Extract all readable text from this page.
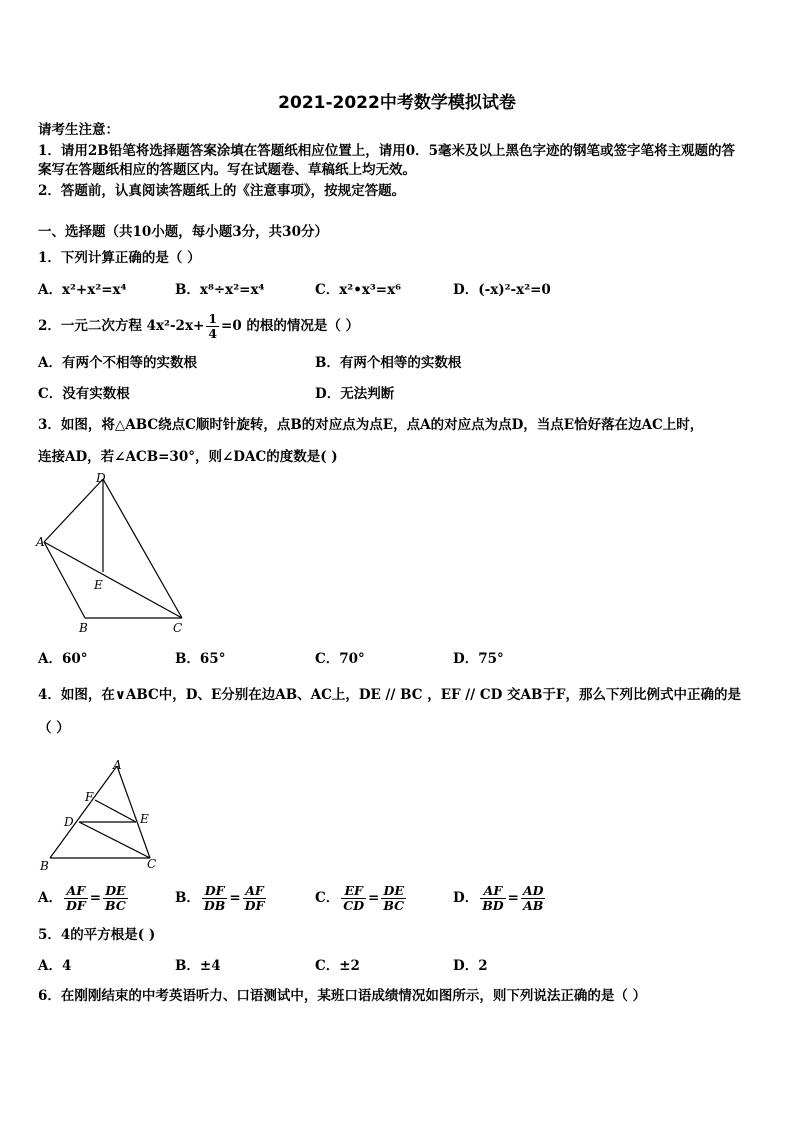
2021-2022中考数学模拟试卷
请考生注意：
1．请用2B铅笔将选择题答案涂填在答题纸相应位置上，请用0．5毫米及以上黑色字迹的钢笔或签字笔将主观题的答
案写在答题纸相应的答题区内。写在试题卷、草稿纸上均无效。
2．答题前，认真阅读答题纸上的《注意事项》，按规定答题。
一、选择题（共10小题，每小题3分，共30分）
1．下列计算正确的是（ ）
A．x²+x²=x⁴	B．x⁸÷x²=x⁴	C．x²•x³=x⁶	D．(-x)²-x²=0
2．一元二次方程 $4x^2-2x+ \frac{1}{4} =0$ 的根的情况是（ ）
A．有两个不相等的实数根	B．有两个相等的实数根
C．没有实数根	D．无法判断
3．如图，将△ABC绕点C顺时针旋转，点B的对应点为点E，点A的对应点为点D，当点E恰好落在边AC上时，
连接AD，若∠ACB=30°，则∠DAC的度数是( )
D
A
E
B	C
A．60°	B．65°	C．70°	D．75°
4．如图，在∨ABC中，D、E分别在边AB、AC上，DE // BC ，EF // CD 交AB于F，那么下列比例式中正确的是
（ ）
A
F
D	E
B	C
A． $\frac{AF}{DF} = \frac{DE}{BC}$	B． $\frac{DF}{DB} = \frac{AF}{DF}$	C． $\frac{EF}{CD} = \frac{DE}{BC}$	D． $\frac{AF}{BD} = \frac{AD}{AB}$
5．4的平方根是( )
A．4	B．±4	C．±2	D．2
6．在刚刚结束的中考英语听力、口语测试中，某班口语成绩情况如图所示，则下列说法正确的是（ ）
